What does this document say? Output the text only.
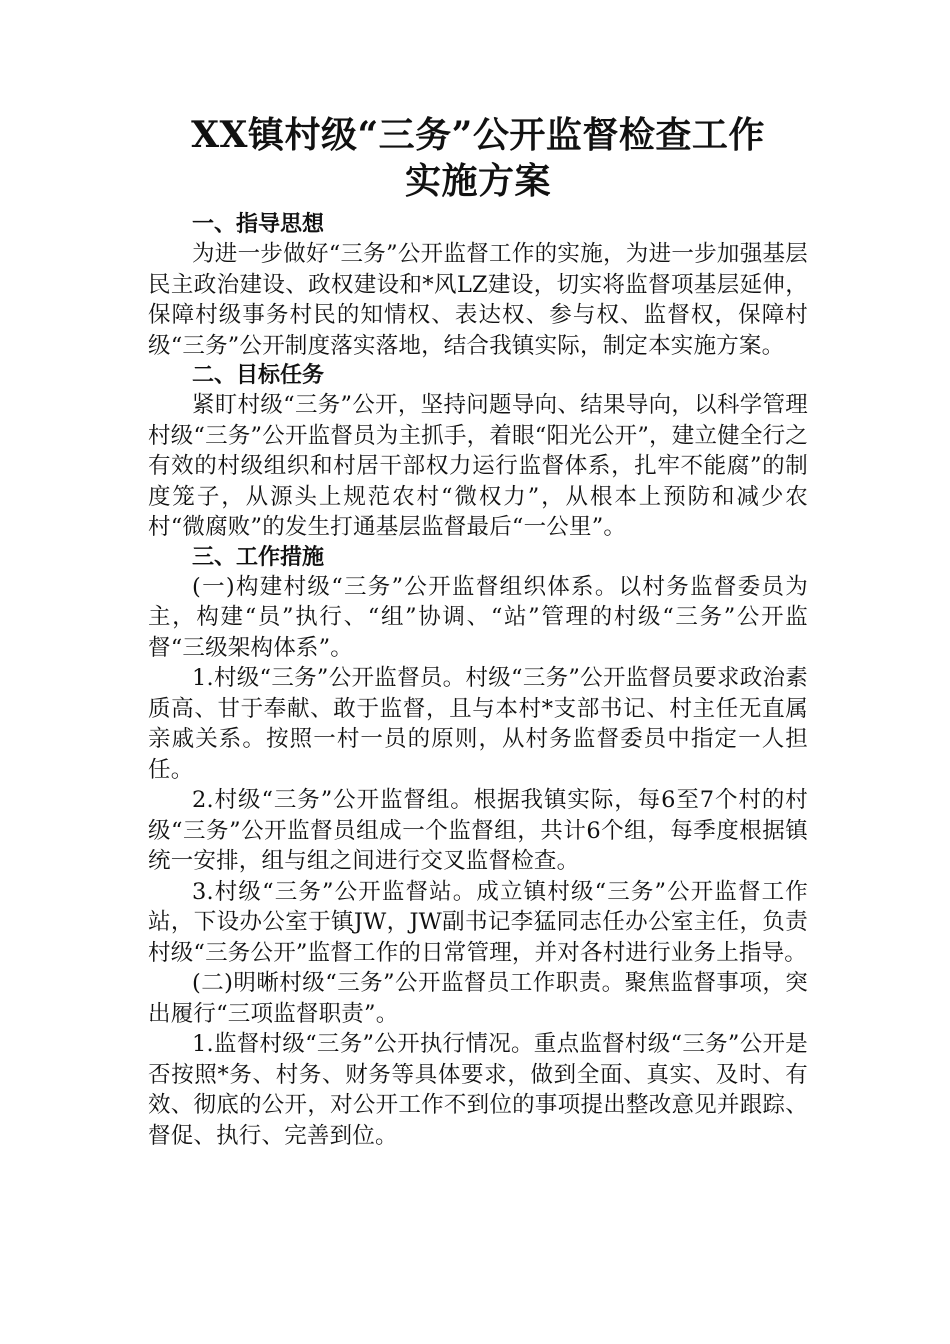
XX镇村级“三务”公开监督检查工作
实施方案

一、指导思想

为进一步做好“三务”公开监督工作的实施，为进一步加强基层民主政治建设、政权建设和*风LZ建设，切实将监督项基层延伸，保障村级事务村民的知情权、表达权、参与权、监督权，保障村级“三务”公开制度落实落地，结合我镇实际，制定本实施方案。

二、目标任务

紧盯村级“三务”公开，坚持问题导向、结果导向，以科学管理村级“三务”公开监督员为主抓手，着眼“阳光公开”，建立健全行之有效的村级组织和村居干部权力运行监督体系，扎牢不能腐”的制度笼子，从源头上规范农村“微权力”，从根本上预防和减少农村“微腐败”的发生打通基层监督最后“一公里”。

三、工作措施

(一)构建村级“三务”公开监督组织体系。以村务监督委员为主，构建“员”执行、“组”协调、“站”管理的村级“三务”公开监督“三级架构体系”。

1.村级“三务”公开监督员。村级“三务”公开监督员要求政治素质高、甘于奉献、敢于监督，且与本村*支部书记、村主任无直属亲戚关系。按照一村一员的原则，从村务监督委员中指定一人担任。

2.村级“三务”公开监督组。根据我镇实际，每6至7个村的村级“三务”公开监督员组成一个监督组，共计6个组，每季度根据镇统一安排，组与组之间进行交叉监督检查。

3.村级“三务”公开监督站。成立镇村级“三务”公开监督工作站，下设办公室于镇JW，JW副书记李猛同志任办公室主任，负责村级“三务公开”监督工作的日常管理，并对各村进行业务上指导。

(二)明晰村级“三务”公开监督员工作职责。聚焦监督事项，突出履行“三项监督职责”。

1.监督村级“三务”公开执行情况。重点监督村级“三务”公开是否按照*务、村务、财务等具体要求，做到全面、真实、及时、有效、彻底的公开，对公开工作不到位的事项提出整改意见并跟踪、督促、执行、完善到位。
